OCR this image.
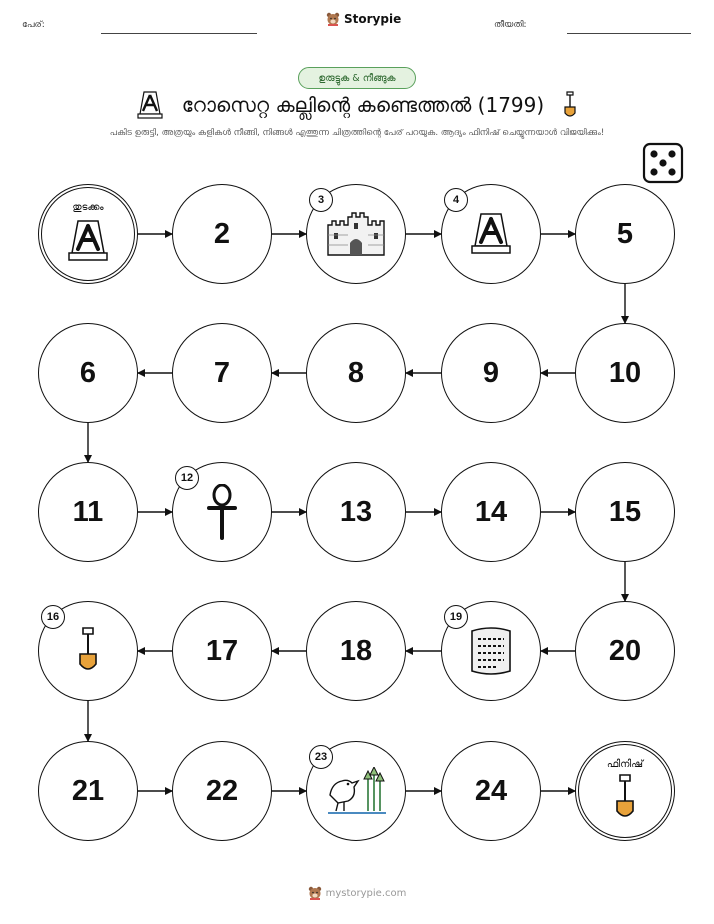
പേര്:	Storypie	തീയതി:
ഉരുട്ടുക & നീങ്ങുക
റോസെറ്റ കല്ലിന്റെ കണ്ടെത്തൽ (1799)
പകിട ഉരുട്ടി, അത്രയും കളികൾ നീങ്ങി, നിങ്ങൾ എത്തുന്ന ചിത്രത്തിന്റെ പേര് പറയുക. ആദ്യം ഫിനിഷ് ചെയ്യുന്നയാൾ വിജയിക്കും!
തുടക്കം
2
3	4
5
6	7	8	9	10
11
12
13	14	15
16
17	18
19
20
21	22
23
24
ഫിനിഷ്
mystorypie.com
